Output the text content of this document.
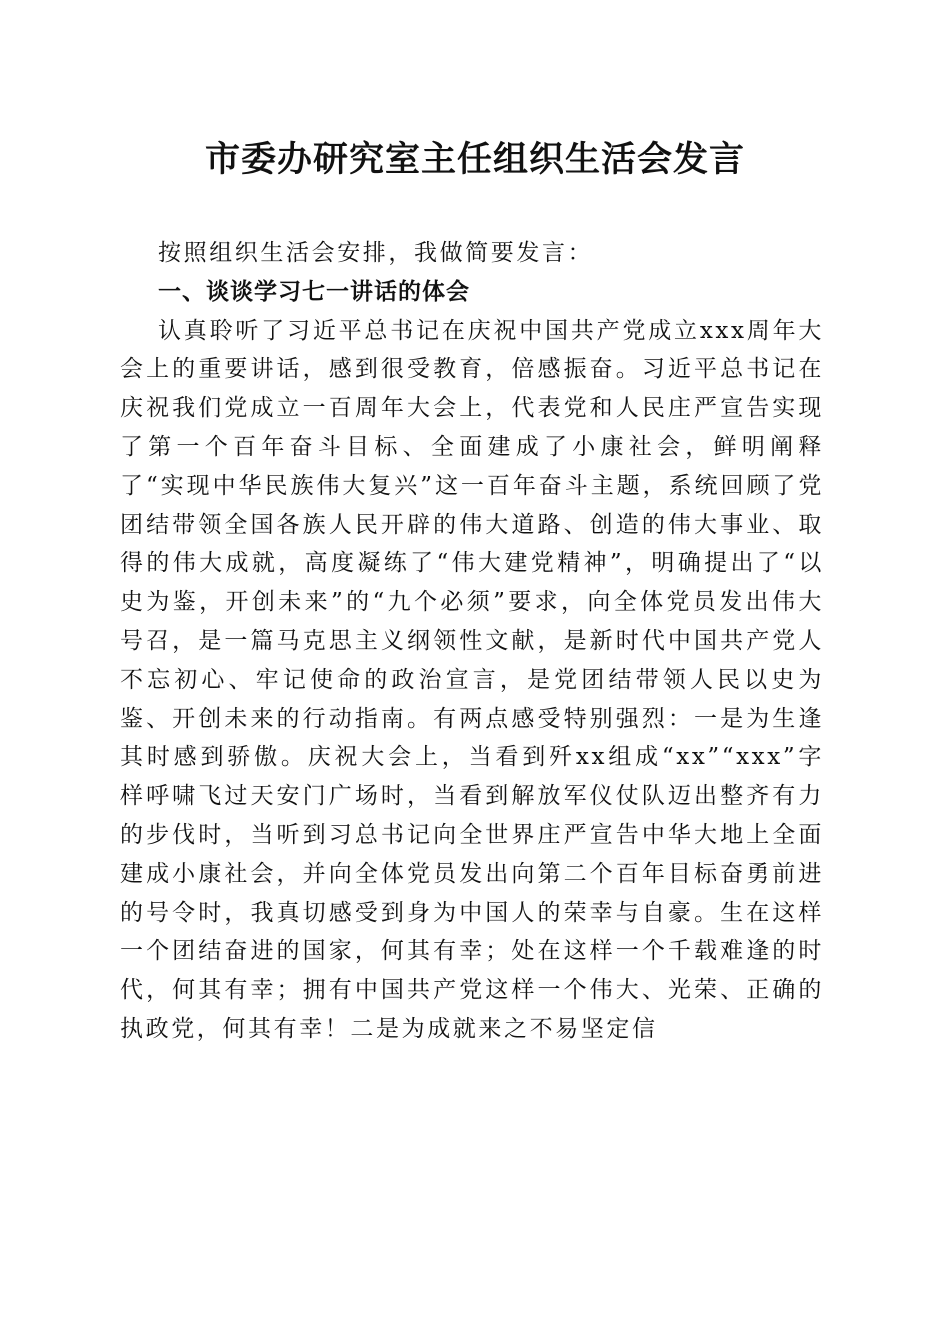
市委办研究室主任组织生活会发言

按照组织生活会安排，我做简要发言：

一、谈谈学习七一讲话的体会

认真聆听了习近平总书记在庆祝中国共产党成立xxx周年大会上的重要讲话，感到很受教育，倍感振奋。习近平总书记在庆祝我们党成立一百周年大会上，代表党和人民庄严宣告实现了第一个百年奋斗目标、全面建成了小康社会，鲜明阐释了“实现中华民族伟大复兴”这一百年奋斗主题，系统回顾了党团结带领全国各族人民开辟的伟大道路、创造的伟大事业、取得的伟大成就，高度凝练了“伟大建党精神”，明确提出了“以史为鉴，开创未来”的“九个必须”要求，向全体党员发出伟大号召，是一篇马克思主义纲领性文献，是新时代中国共产党人不忘初心、牢记使命的政治宣言，是党团结带领人民以史为鉴、开创未来的行动指南。有两点感受特别强烈：一是为生逢其时感到骄傲。庆祝大会上，当看到歼xx组成“xx”“xxx”字样呼啸飞过天安门广场时，当看到解放军仪仗队迈出整齐有力的步伐时，当听到习总书记向全世界庄严宣告中华大地上全面建成小康社会，并向全体党员发出向第二个百年目标奋勇前进的号令时，我真切感受到身为中国人的荣幸与自豪。生在这样一个团结奋进的国家，何其有幸；处在这样一个千载难逢的时代，何其有幸；拥有中国共产党这样一个伟大、光荣、正确的执政党，何其有幸！二是为成就来之不易坚定信
